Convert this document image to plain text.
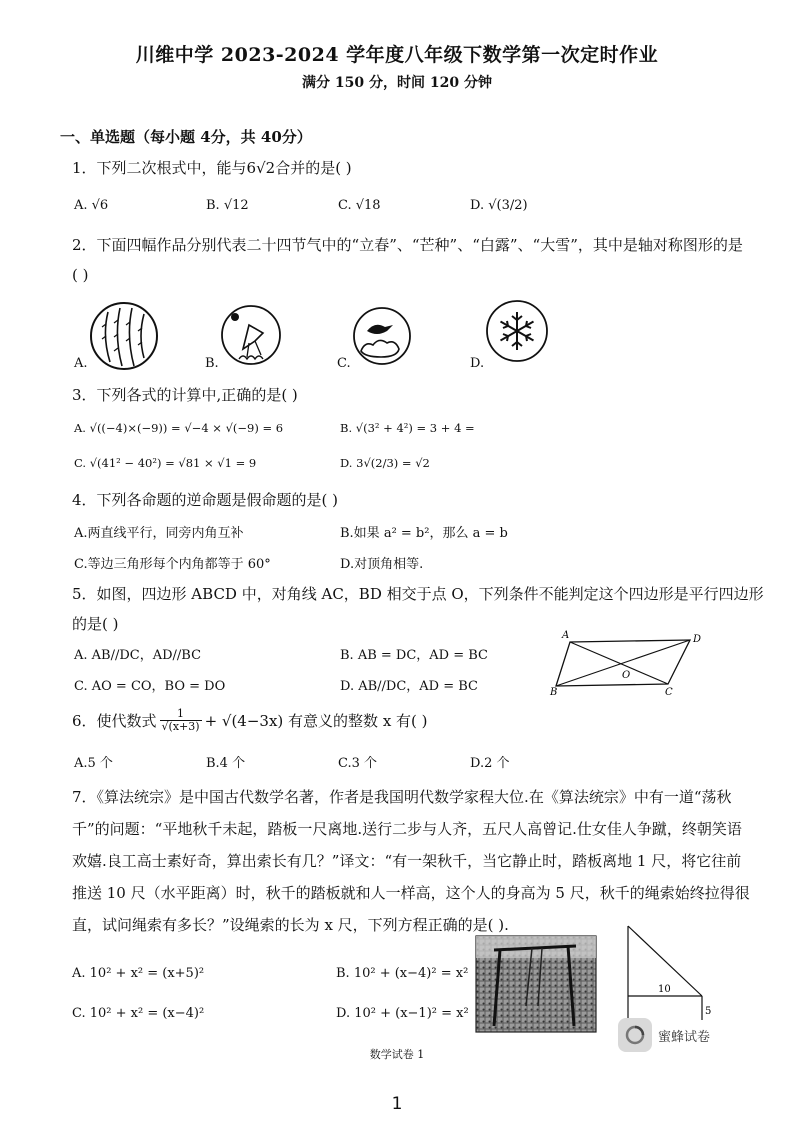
川维中学 2023-2024 学年度八年级下数学第一次定时作业
满分 150 分，时间 120 分钟
一、单选题（每小题 4分，共 40分）
1．下列二次根式中，能与6√2合并的是( )
A. √6	B. √12	C. √18	D. √(3/2)
2．下面四幅作品分别代表二十四节气中的“立春”、“芒种”、“白露”、“大雪”，其中是轴对称图形的是
( )
A.	B.	C.	D.
3．下列各式的计算中,正确的是( )
A. √((−4)×(−9)) = √−4 × √(−9) = 6	B. √(3² + 4²) = 3 + 4 =
C. √(41² − 40²) = √81 × √1 = 9	D. 3√(2/3) = √2
4．下列各命题的逆命题是假命题的是( )
A.两直线平行，同旁内角互补	B.如果 a² = b²，那么 a = b
C.等边三角形每个内角都等于 60°	D.对顶角相等.
5．如图，四边形 ABCD 中，对角线 AC，BD 相交于点 O，下列条件不能判定这个四边形是平行四边形
的是( )
A. AB//DC，AD//BC	B. AB = DC，AD = BC
C. AO = CO，BO = DO	D. AB//DC，AD = BC
A	D
O
B	C
6．使代数式 $\frac{1}{√(x+3)} + √(4-3x)$ 有意义的整数 x 有( )
A.5 个	B.4 个	C.3 个	D.2 个
7．《算法统宗》是中国古代数学名著，作者是我国明代数学家程大位.在《算法统宗》中有一道“荡秋
千”的问题：“平地秋千未起，踏板一尺离地.送行二步与人齐，五尺人高曾记.仕女佳人争蹴，终朝笑语
欢嬉.良工高士素好奇，算出索长有几？”译文：“有一架秋千，当它静止时，踏板离地 1 尺，将它往前
推送 10 尺（水平距离）时，秋千的踏板就和人一样高，这个人的身高为 5 尺，秋千的绳索始终拉得很
直，试问绳索有多长？”设绳索的长为 x 尺，下列方程正确的是( ).
A. 10² + x² = (x+5)²	B. 10² + (x−4)² = x²
C. 10² + x² = (x−4)²	D. 10² + (x−1)² = x²
10
5
蜜蜂试卷
数学试卷 1
1
